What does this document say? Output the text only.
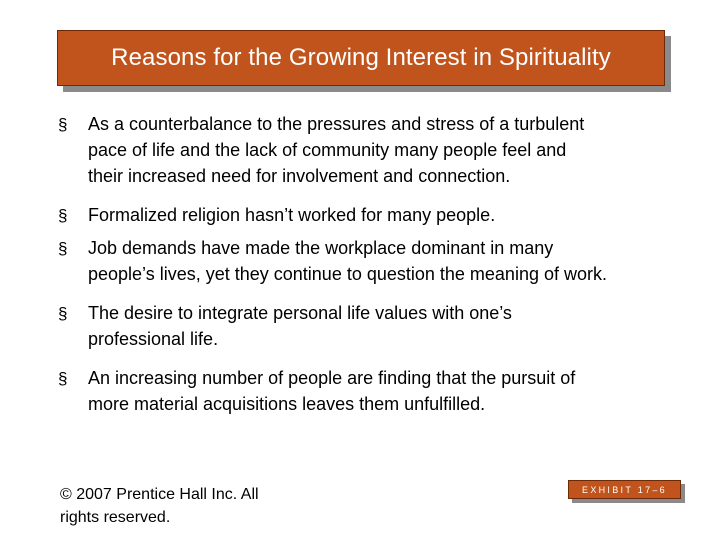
Reasons for the Growing Interest in Spirituality
§ As a counterbalance to the pressures and stress of a turbulent
pace of life and the lack of community many people feel and
their increased need for involvement and connection.
§ Formalized religion hasn’t worked for many people.
§ Job demands have made the workplace dominant in many
people’s lives, yet they continue to question the meaning of work.
§ The desire to integrate personal life values with one’s
professional life.
§ An increasing number of people are finding that the pursuit of
more material acquisitions leaves them unfulfilled.
© 2007 Prentice Hall Inc. All
rights reserved.
EXHIBIT 17–6
